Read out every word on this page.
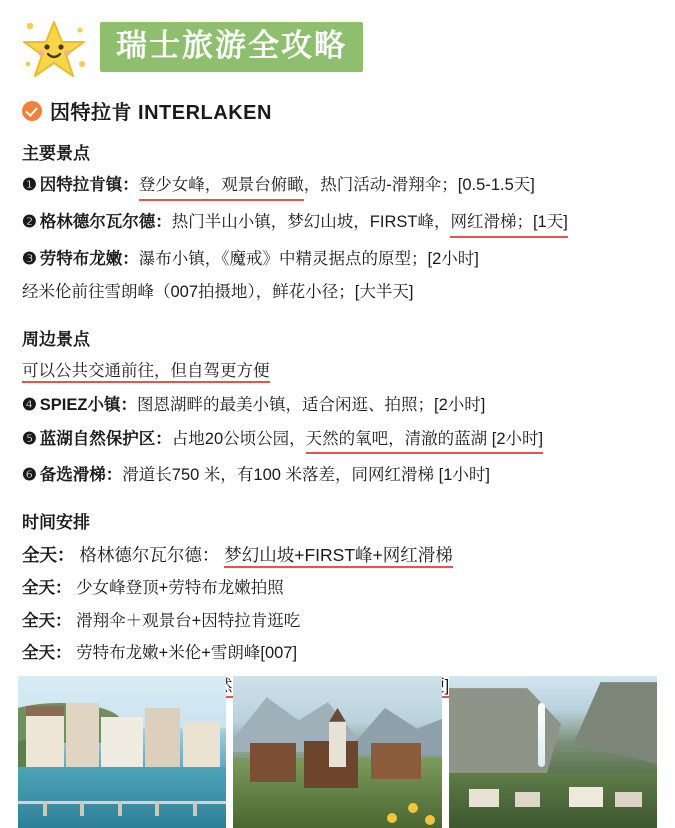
瑞士旅游全攻略
因特拉肯 INTERLAKEN
主要景点
❶ 因特拉肯镇： 登少女峰，观景台俯瞰 ，热门活动-滑翔伞； [0.5-1.5天]
❷ 格林德尔瓦尔德： 热门半山小镇，梦幻山坡，FIRST峰， 网红滑梯； [1天]
❸ 劳特布龙嫩： 瀑布小镇，《魔戒》中精灵据点的原型； [2小时]
经米伦前往雪朗峰（007拍摄地），鲜花小径；[大半天]
周边景点
可以公共交通前往，但自驾更方便
❹ SPIEZ小镇： 图恩湖畔的最美小镇，适合闲逛、拍照； [2小时]
❺ 蓝湖自然保护区： 占地20公顷公园， 天然的氧吧，清澈的蓝湖 [2小时]
❻ 备选滑梯： 滑道长750 米，有100 米落差，同网红滑梯 [1小时]
时间安排
全天： 格林德尔瓦尔德： 梦幻山坡+FIRST峰+网红滑梯
全天： 少女峰登顶+劳特布龙嫩拍照
全天： 滑翔伞＋观景台+因特拉肯逛吃
全天： 劳特布龙嫩+米伦+雪朗峰[007]
